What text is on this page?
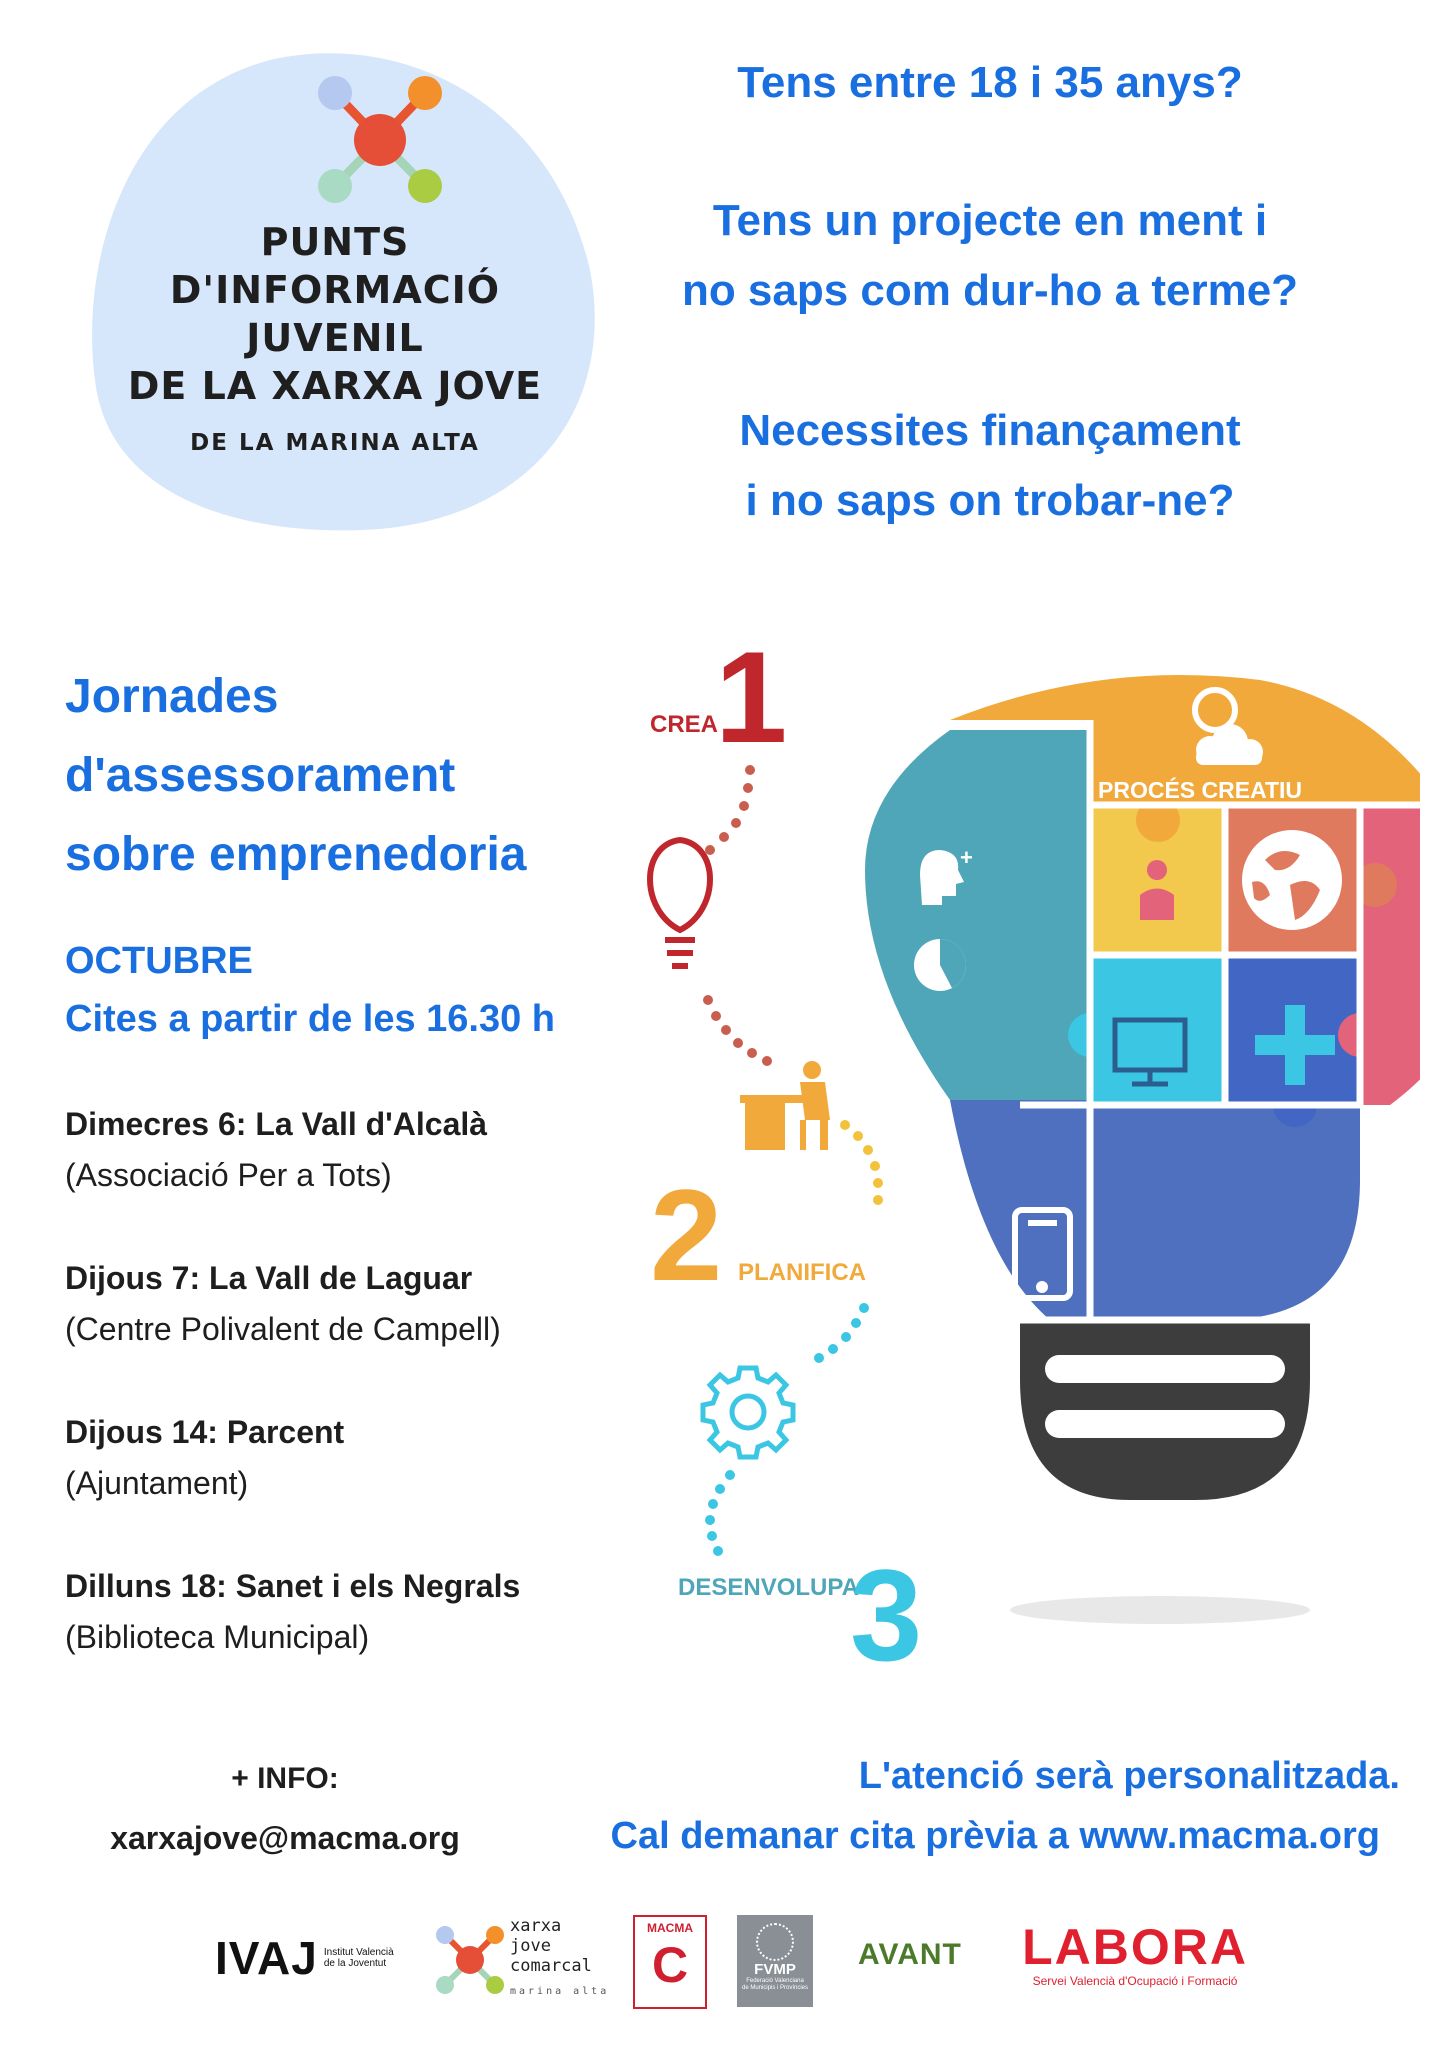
PUNTS
D'INFORMACIÓ
JUVENIL
DE LA XARXA JOVE
DE LA MARINA ALTA
Tens entre 18 i 35 anys?
Tens un projecte en ment i
no saps com dur-ho a terme?
Necessites finançament
i no saps on trobar-ne?
Jornades
d'assessorament
sobre emprenedoria
OCTUBRE
Cites a partir de les 16.30 h
Dimecres 6: La Vall d'Alcalà
(Associació Per a Tots)
Dijous 7: La Vall de Laguar
(Centre Polivalent de Campell)
Dijous 14: Parcent
(Ajuntament)
Dilluns 18: Sanet i els Negrals
(Biblioteca Municipal)
CREA
1
2 PLANIFICA
DESENVOLUPA
3
PROCÉS CREATIU
+
+ INFO:
xarxajove@macma.org
L'atenció serà personalitzada.
Cal demanar cita prèvia a www.macma.org
IVAJ Institut Valencià
de la Joventut
xarxa
jove
comarcal
marina alta
MACMA
C	FVMP
Federació Valenciana
de Municipis i Províncies
AVANT LABORA
Servei Valencià d'Ocupació i Formació
